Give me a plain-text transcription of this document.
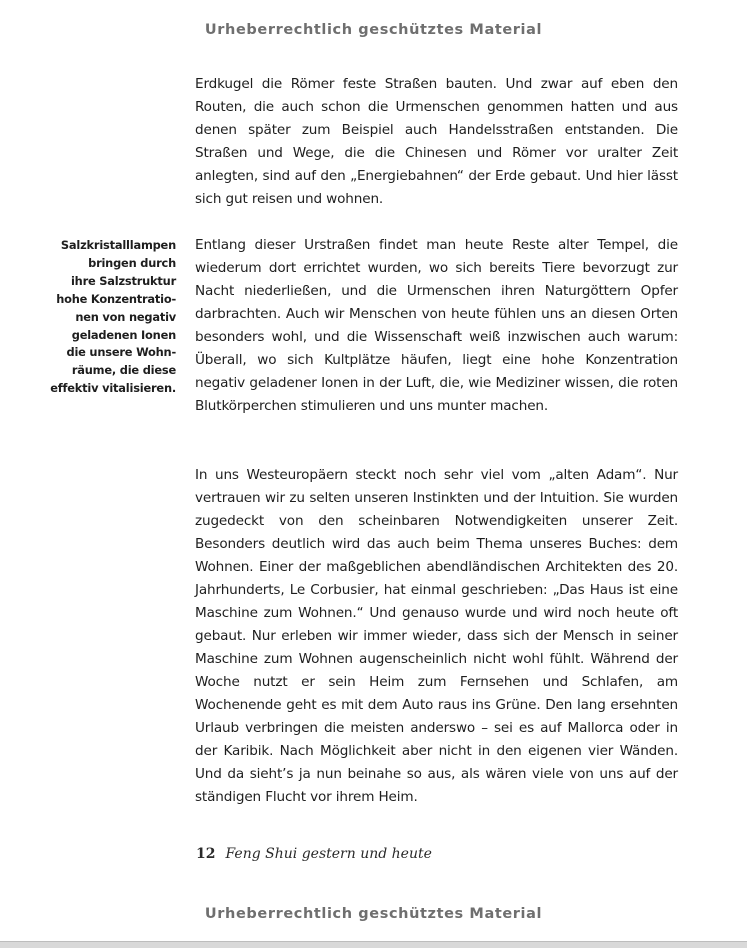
Urheberrechtlich geschütztes Material
Salzkristalllampen
bringen durch
ihre Salzstruktur
hohe Konzentratio-
nen von negativ
geladenen Ionen
die unsere Wohn-
räume, die diese
effektiv vitalisieren.

Erdkugel die Römer feste Straßen bauten. Und zwar auf eben den Routen, die auch schon die Urmenschen genommen hatten und aus denen später zum Beispiel auch Handelsstraßen entstanden. Die Straßen und Wege, die die Chinesen und Römer vor uralter Zeit anlegten, sind auf den „Energiebahnen“ der Erde gebaut. Und hier lässt sich gut reisen und wohnen.

Entlang dieser Urstraßen findet man heute Reste alter Tempel, die wiederum dort errichtet wurden, wo sich bereits Tiere bevorzugt zur Nacht niederließen, und die Urmenschen ihren Naturgöttern Opfer darbrachten. Auch wir Menschen von heute fühlen uns an diesen Orten besonders wohl, und die Wissenschaft weiß inzwischen auch warum: Überall, wo sich Kultplätze häufen, liegt eine hohe Konzentration negativ geladener Ionen in der Luft, die, wie Mediziner wissen, die roten Blutkörperchen stimulieren und uns munter machen.

In uns Westeuropäern steckt noch sehr viel vom „alten Adam“. Nur vertrauen wir zu selten unseren Instinkten und der Intuition. Sie wurden zugedeckt von den scheinbaren Notwendigkeiten unserer Zeit. Besonders deutlich wird das auch beim Thema unseres Buches: dem Wohnen. Einer der maßgeblichen abendländischen Architekten des 20. Jahrhunderts, Le Corbusier, hat einmal geschrieben: „Das Haus ist eine Maschine zum Wohnen.“ Und genauso wurde und wird noch heute oft gebaut. Nur erleben wir immer wieder, dass sich der Mensch in seiner Maschine zum Wohnen augenscheinlich nicht wohl fühlt. Während der Woche nutzt er sein Heim zum Fernsehen und Schlafen, am Wochenende geht es mit dem Auto raus ins Grüne. Den lang ersehnten Urlaub verbringen die meisten anderswo – sei es auf Mallorca oder in der Karibik. Nach Möglichkeit aber nicht in den eigenen vier Wänden. Und da sieht’s ja nun beinahe so aus, als wären viele von uns auf der ständigen Flucht vor ihrem Heim.

12 Feng Shui gestern und heute
Urheberrechtlich geschütztes Material
